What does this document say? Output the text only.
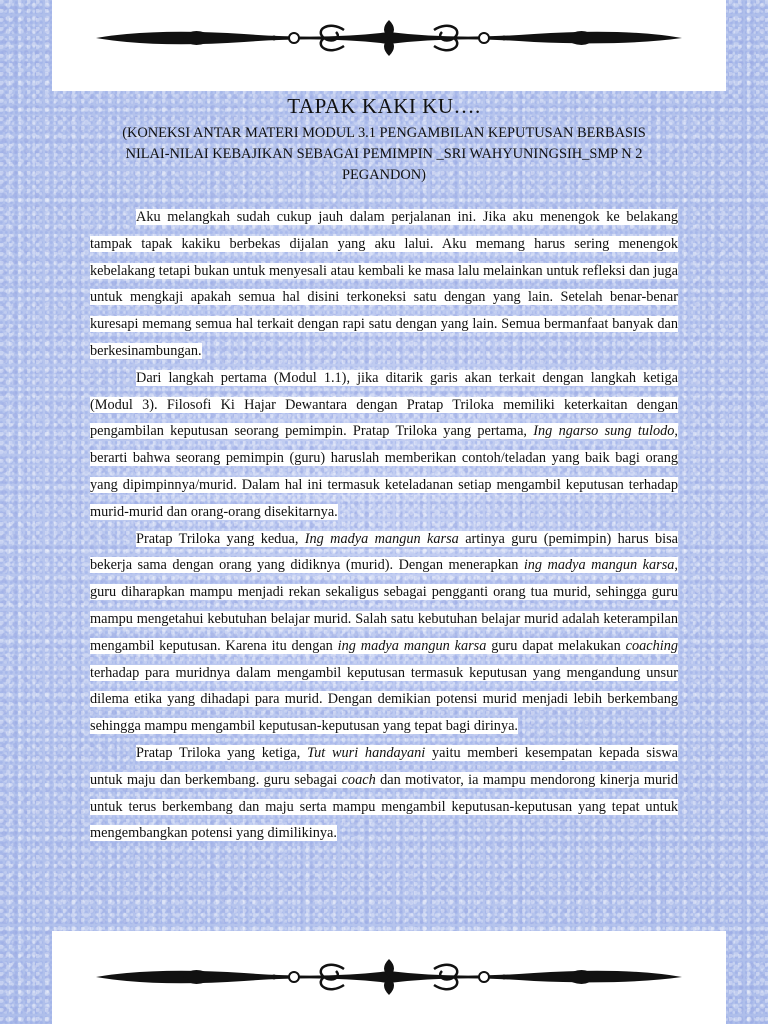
TAPAK KAKI KU….

(KONEKSI ANTAR MATERI MODUL 3.1 PENGAMBILAN KEPUTUSAN BERBASIS NILAI-NILAI KEBAJIKAN SEBAGAI PEMIMPIN _SRI WAHYUNINGSIH_SMP N 2 PEGANDON)

Aku melangkah sudah cukup jauh dalam perjalanan ini. Jika aku menengok ke belakang tampak tapak kakiku berbekas dijalan yang aku lalui. Aku memang harus sering menengok kebelakang tetapi bukan untuk menyesali atau kembali ke masa lalu melainkan untuk refleksi dan juga untuk mengkaji apakah semua hal disini terkoneksi satu dengan yang lain. Setelah benar-benar kuresapi memang semua hal terkait dengan rapi satu dengan yang lain. Semua bermanfaat banyak dan berkesinambungan.

Dari langkah pertama (Modul 1.1), jika ditarik garis akan terkait dengan langkah ketiga (Modul 3). Filosofi Ki Hajar Dewantara dengan Pratap Triloka memiliki keterkaitan dengan pengambilan keputusan seorang pemimpin. Pratap Triloka yang pertama, Ing ngarso sung tulodo, berarti bahwa seorang pemimpin (guru) haruslah memberikan contoh/teladan yang baik bagi orang yang dipimpinnya/murid. Dalam hal ini termasuk keteladanan setiap mengambil keputusan terhadap murid-murid dan orang-orang disekitarnya.

Pratap Triloka yang kedua, Ing madya mangun karsa artinya guru (pemimpin) harus bisa bekerja sama dengan orang yang didiknya (murid). Dengan menerapkan ing madya mangun karsa, guru diharapkan mampu menjadi rekan sekaligus sebagai pengganti orang tua murid, sehingga guru mampu mengetahui kebutuhan belajar murid. Salah satu kebutuhan belajar murid adalah keterampilan mengambil keputusan. Karena itu dengan ing madya mangun karsa guru dapat melakukan coaching terhadap para muridnya dalam mengambil keputusan termasuk keputusan yang mengandung unsur dilema etika yang dihadapi para murid. Dengan demikian potensi murid menjadi lebih berkembang sehingga mampu mengambil keputusan-keputusan yang tepat bagi dirinya.

Pratap Triloka yang ketiga, Tut wuri handayani yaitu memberi kesempatan kepada siswa untuk maju dan berkembang. guru sebagai coach dan motivator, ia mampu mendorong kinerja murid untuk terus berkembang dan maju serta mampu mengambil keputusan-keputusan yang tepat untuk mengembangkan potensi yang dimilikinya.
